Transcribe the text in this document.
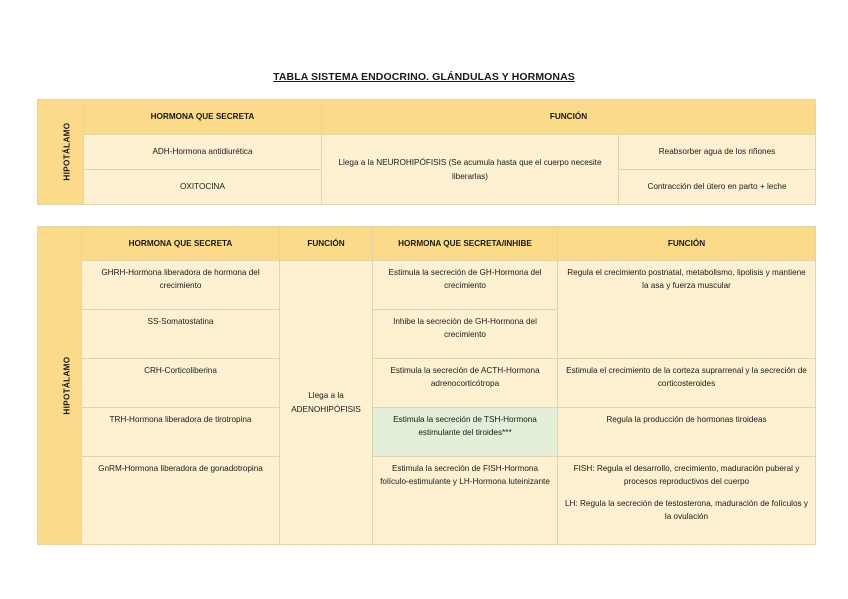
TABLA SISTEMA ENDOCRINO. GLÁNDULAS Y HORMONAS
HIPOTÁLAMO	HORMONA QUE SECRETA	FUNCIÓN	
	ADH-Hormona antidiurética	Llega a la NEUROHIPÓFISIS (Se acumula hasta que el cuerpo necesite liberarlas)	Reabsorber agua de los riñones
	OXITOCINA		Contracción del útero en parto + leche
HIPOTÁLAMO	HORMONA QUE SECRETA	FUNCIÓN	HORMONA QUE SECRETA/INHIBE	FUNCIÓN
	GHRH-Hormona liberadora de hormona del crecimiento	Llega a la ADENOHIPÓFISIS	Estimula la secreción de GH-Hormona del crecimiento	Regula el crecimiento postnatal, metabolismo, lipolisis y mantiene la asa y fuerza muscular
	SS-Somatostatina		Inhibe la secreción de GH-Hormona del crecimiento	
	CRH-Corticoliberina		Estimula la secreción de ACTH-Hormona adrenocorticótropa	Estimula el crecimiento de la corteza suprarrenal y la secreción de corticosteroides
	TRH-Hormona liberadora de tirotropina		Estimula la secreción de TSH-Hormona estimulante del tiroides***	Regula la producción de hormonas tiroideas
	GnRM-Hormona liberadora de gonadotropina		Estimula la secreción de FISH-Hormona folículo-estimulante y LH-Hormona luteinizante	FISH: Regula el desarrollo, crecimiento, maduración puberal y procesos reproductivos del cuerpo

LH: Regula la secreción de testosterona, maduración de folículos y la ovulación
